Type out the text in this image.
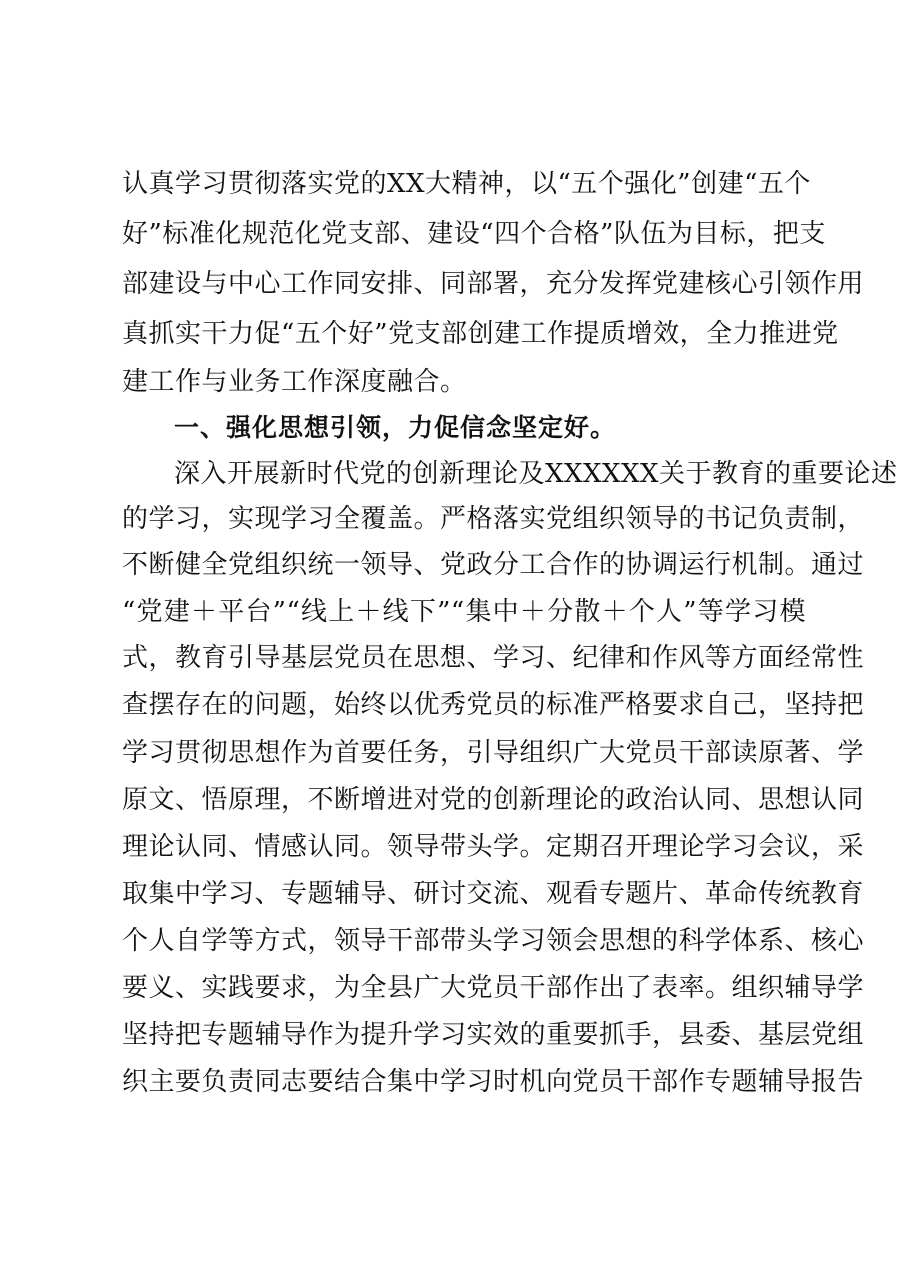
认真学习贯彻落实党的XX大精神，以“五个强化”创建“五个
好”标准化规范化党支部、建设“四个合格”队伍为目标，把支
部建设与中心工作同安排、同部署，充分发挥党建核心引领作用
真抓实干力促“五个好”党支部创建工作提质增效，全力推进党
建工作与业务工作深度融合。
一、强化思想引领，力促信念坚定好。
深入开展新时代党的创新理论及XXXXXX关于教育的重要论述
的学习，实现学习全覆盖。严格落实党组织领导的书记负责制，
不断健全党组织统一领导、党政分工合作的协调运行机制。通过
“党建＋平台”“线上＋线下”“集中＋分散＋个人”等学习模
式，教育引导基层党员在思想、学习、纪律和作风等方面经常性
查摆存在的问题，始终以优秀党员的标准严格要求自己，坚持把
学习贯彻思想作为首要任务，引导组织广大党员干部读原著、学
原文、悟原理，不断增进对党的创新理论的政治认同、思想认同
理论认同、情感认同。领导带头学。定期召开理论学习会议，采
取集中学习、专题辅导、研讨交流、观看专题片、革命传统教育
个人自学等方式，领导干部带头学习领会思想的科学体系、核心
要义、实践要求，为全县广大党员干部作出了表率。组织辅导学
坚持把专题辅导作为提升学习实效的重要抓手，县委、基层党组
织主要负责同志要结合集中学习时机向党员干部作专题辅导报告
